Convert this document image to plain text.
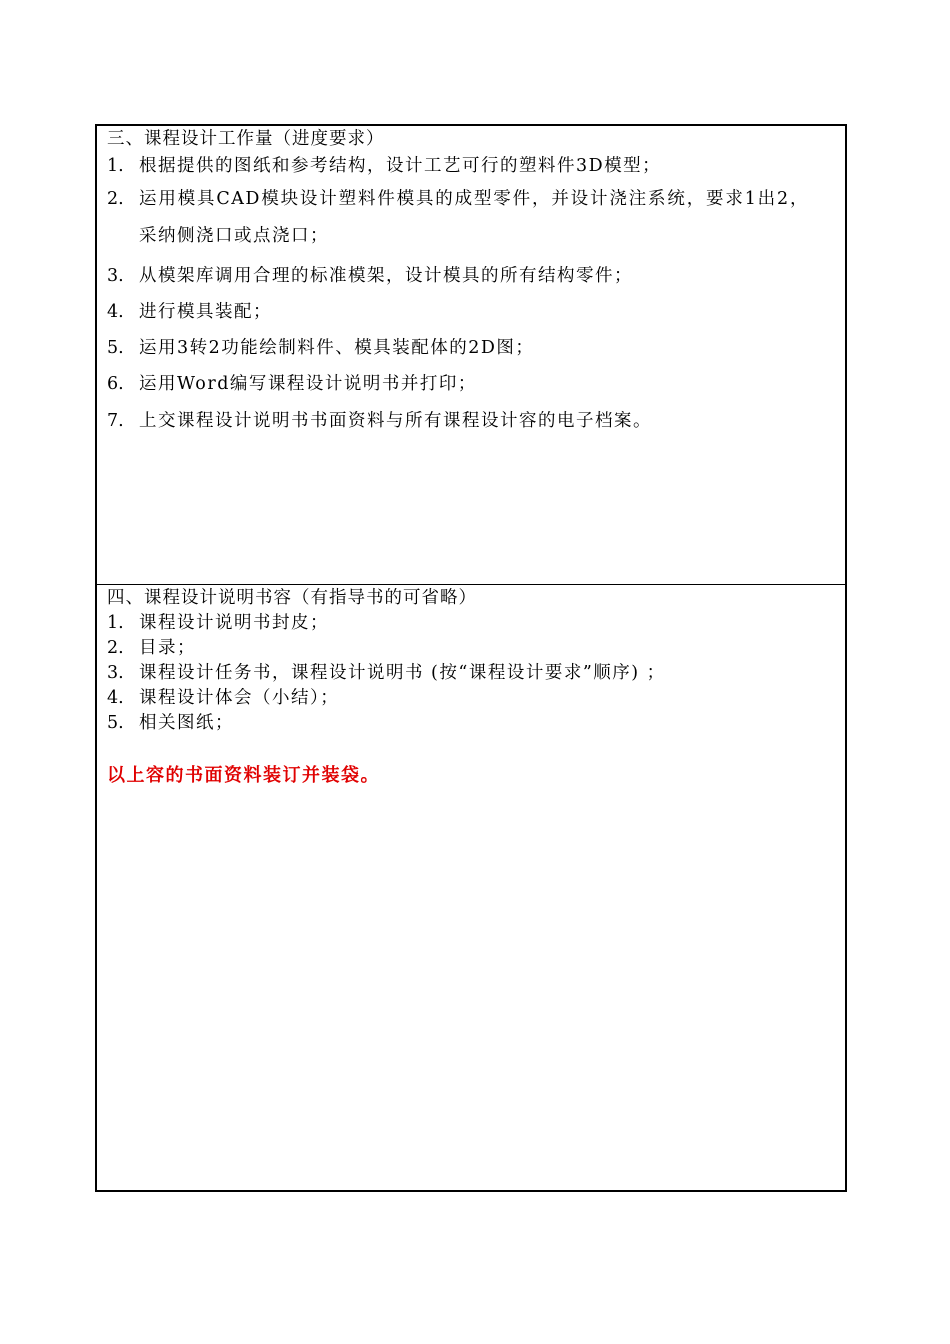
三、课程设计工作量（进度要求）
1. 根据提供的图纸和参考结构，设计工艺可行的塑料件3D模型；
2. 运用模具CAD模块设计塑料件模具的成型零件，并设计浇注系统，要求1出2，采纳侧浇口或点浇口；
3. 从模架库调用合理的标准模架，设计模具的所有结构零件；
4. 进行模具装配；
5. 运用3转2功能绘制料件、模具装配体的2D图；
6. 运用Word编写课程设计说明书并打印；
7. 上交课程设计说明书书面资料与所有课程设计容的电子档案。
四、课程设计说明书容（有指导书的可省略）
1. 课程设计说明书封皮；
2. 目录；
3. 课程设计任务书，课程设计说明书 (按“课程设计要求”顺序) ；
4. 课程设计体会（小结）；
5. 相关图纸；
以上容的书面资料装订并装袋。
